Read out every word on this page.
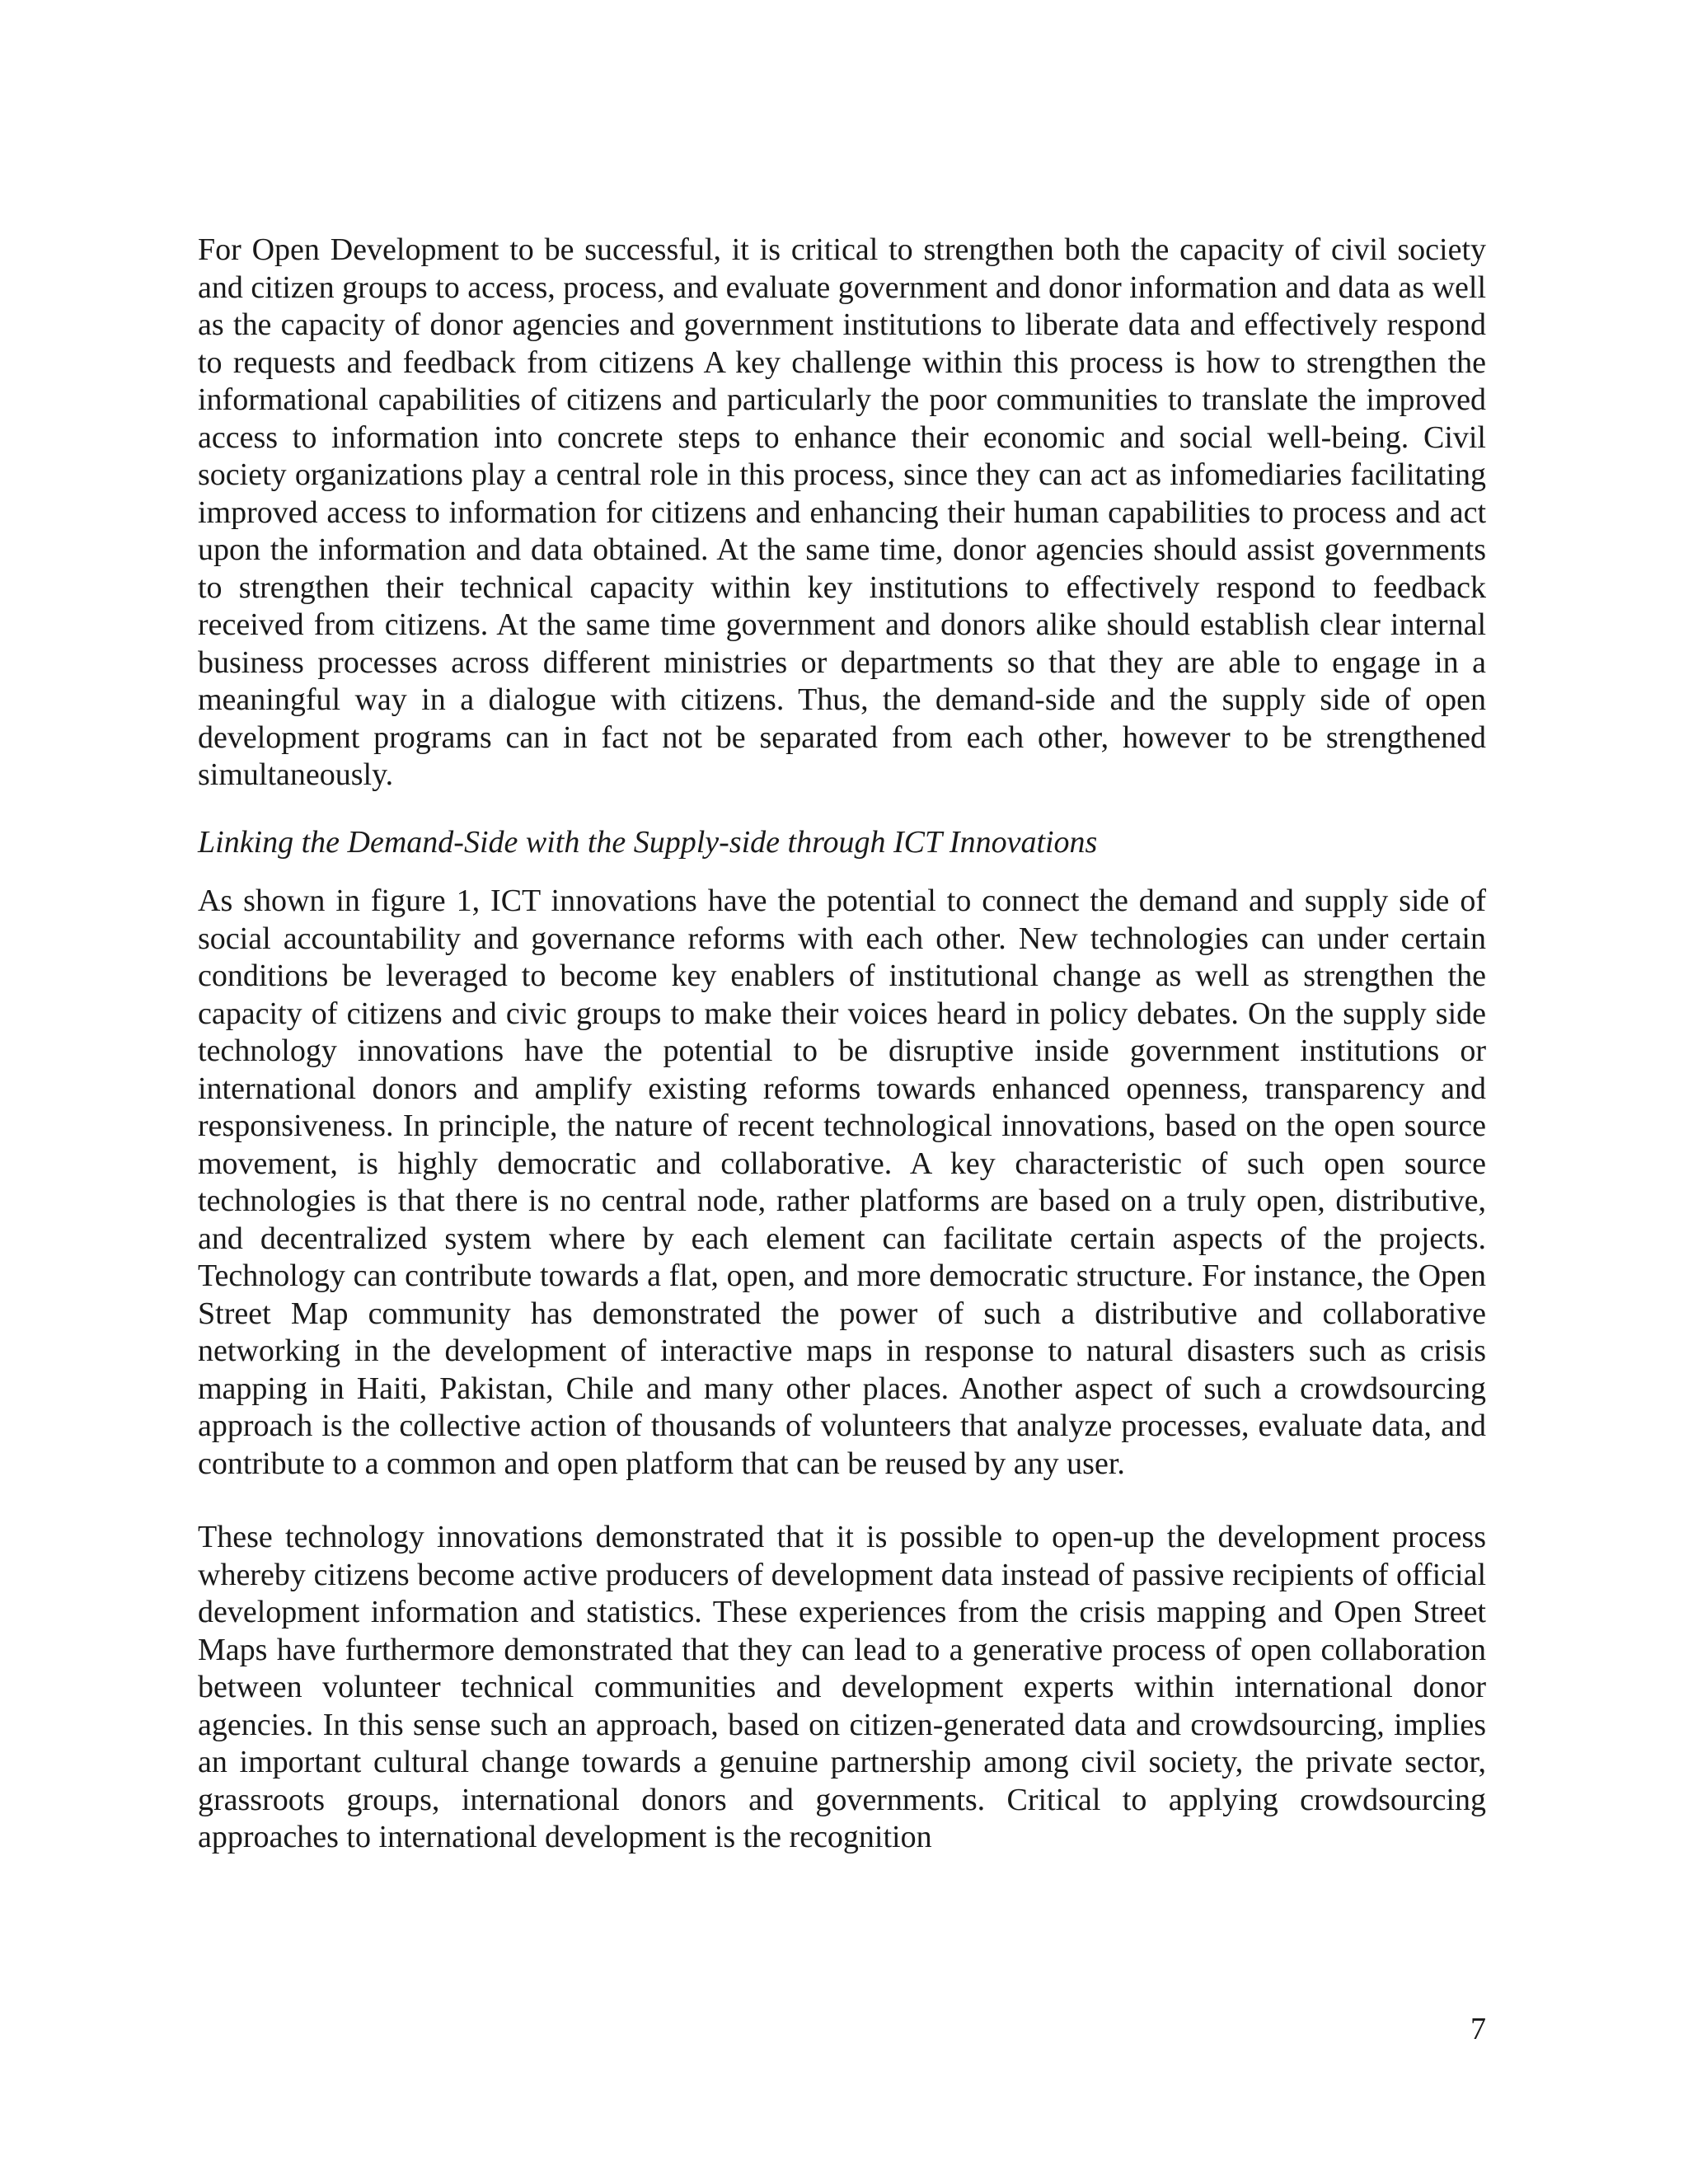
For Open Development to be successful, it is critical to strengthen both the capacity of civil society and citizen groups to access, process, and evaluate government and donor information and data as well as the capacity of donor agencies and government institutions to liberate data and effectively respond to requests and feedback from citizens A key challenge within this process is how to strengthen the informational capabilities of citizens and particularly the poor communities to translate the improved access to information into concrete steps to enhance their economic and social well-being. Civil society organizations play a central role in this process, since they can act as infomediaries facilitating improved access to information for citizens and enhancing their human capabilities to process and act upon the information and data obtained. At the same time, donor agencies should assist governments to strengthen their technical capacity within key institutions to effectively respond to feedback received from citizens. At the same time government and donors alike should establish clear internal business processes across different ministries or departments so that they are able to engage in a meaningful way in a dialogue with citizens. Thus, the demand-side and the supply side of open development programs can in fact not be separated from each other, however to be strengthened simultaneously.

Linking the Demand-Side with the Supply-side through ICT Innovations

As shown in figure 1, ICT innovations have the potential to connect the demand and supply side of social accountability and governance reforms with each other. New technologies can under certain conditions be leveraged to become key enablers of institutional change as well as strengthen the capacity of citizens and civic groups to make their voices heard in policy debates. On the supply side technology innovations have the potential to be disruptive inside government institutions or international donors and amplify existing reforms towards enhanced openness, transparency and responsiveness. In principle, the nature of recent technological innovations, based on the open source movement, is highly democratic and collaborative. A key characteristic of such open source technologies is that there is no central node, rather platforms are based on a truly open, distributive, and decentralized system where by each element can facilitate certain aspects of the projects. Technology can contribute towards a flat, open, and more democratic structure. For instance, the Open Street Map community has demonstrated the power of such a distributive and collaborative networking in the development of interactive maps in response to natural disasters such as crisis mapping in Haiti, Pakistan, Chile and many other places. Another aspect of such a crowdsourcing approach is the collective action of thousands of volunteers that analyze processes, evaluate data, and contribute to a common and open platform that can be reused by any user.

These technology innovations demonstrated that it is possible to open-up the development process whereby citizens become active producers of development data instead of passive recipients of official development information and statistics. These experiences from the crisis mapping and Open Street Maps have furthermore demonstrated that they can lead to a generative process of open collaboration between volunteer technical communities and development experts within international donor agencies. In this sense such an approach, based on citizen-generated data and crowdsourcing, implies an important cultural change towards a genuine partnership among civil society, the private sector, grassroots groups, international donors and governments. Critical to applying crowdsourcing approaches to international development is the recognition

7
